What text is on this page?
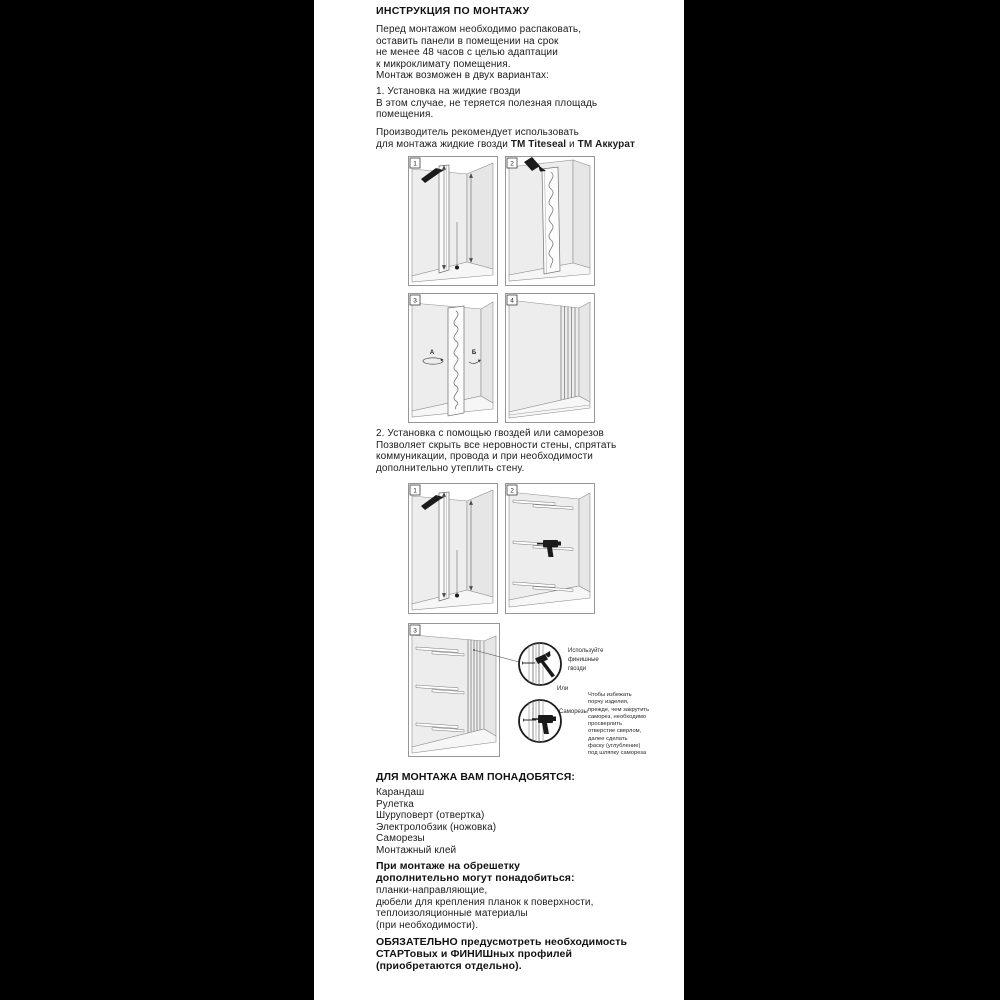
ИНСТРУКЦИЯ ПО МОНТАЖУ
Перед монтажом необходимо распаковать,
оставить панели в помещении на срок
не менее 48 часов с целью адаптации
к микроклимату помещения.
Монтаж возможен в двух вариантах:
1. Установка на жидкие гвозди
В этом случае, не теряется полезная площадь
помещения.
Производитель рекомендует использовать
для монтажа жидкие гвозди ТМ Titeseal и ТМ Аккурат
1	2
А	Б
3	4
2. Установка с помощью гвоздей или саморезов
Позволяет скрыть все неровности стены, спрятать
коммуникации, провода и при необходимости
дополнительно утеплить стену.
1	2
3
Используйте
финишные
гвозди
Или
Саморезы
Чтобы избежать
порчу изделия,
прежде, чем закрутить
саморез, необходимо
просверлить
отверстие сверлом,
далее сделать
фаску (углубление)
под шляпку самореза
ДЛЯ МОНТАЖА ВАМ ПОНАДОБЯТСЯ:
Карандаш
Рулетка
Шуруповерт (отвертка)
Электролобзик (ножовка)
Саморезы
Монтажный клей
При монтаже на обрешетку
дополнительно могут понадобиться:
планки-направляющие,
дюбели для крепления планок к поверхности,
теплоизоляционные материалы
(при необходимости).
ОБЯЗАТЕЛЬНО предусмотреть необходимость
СТАРТовых и ФИНИШных профилей
(приобретаются отдельно).
